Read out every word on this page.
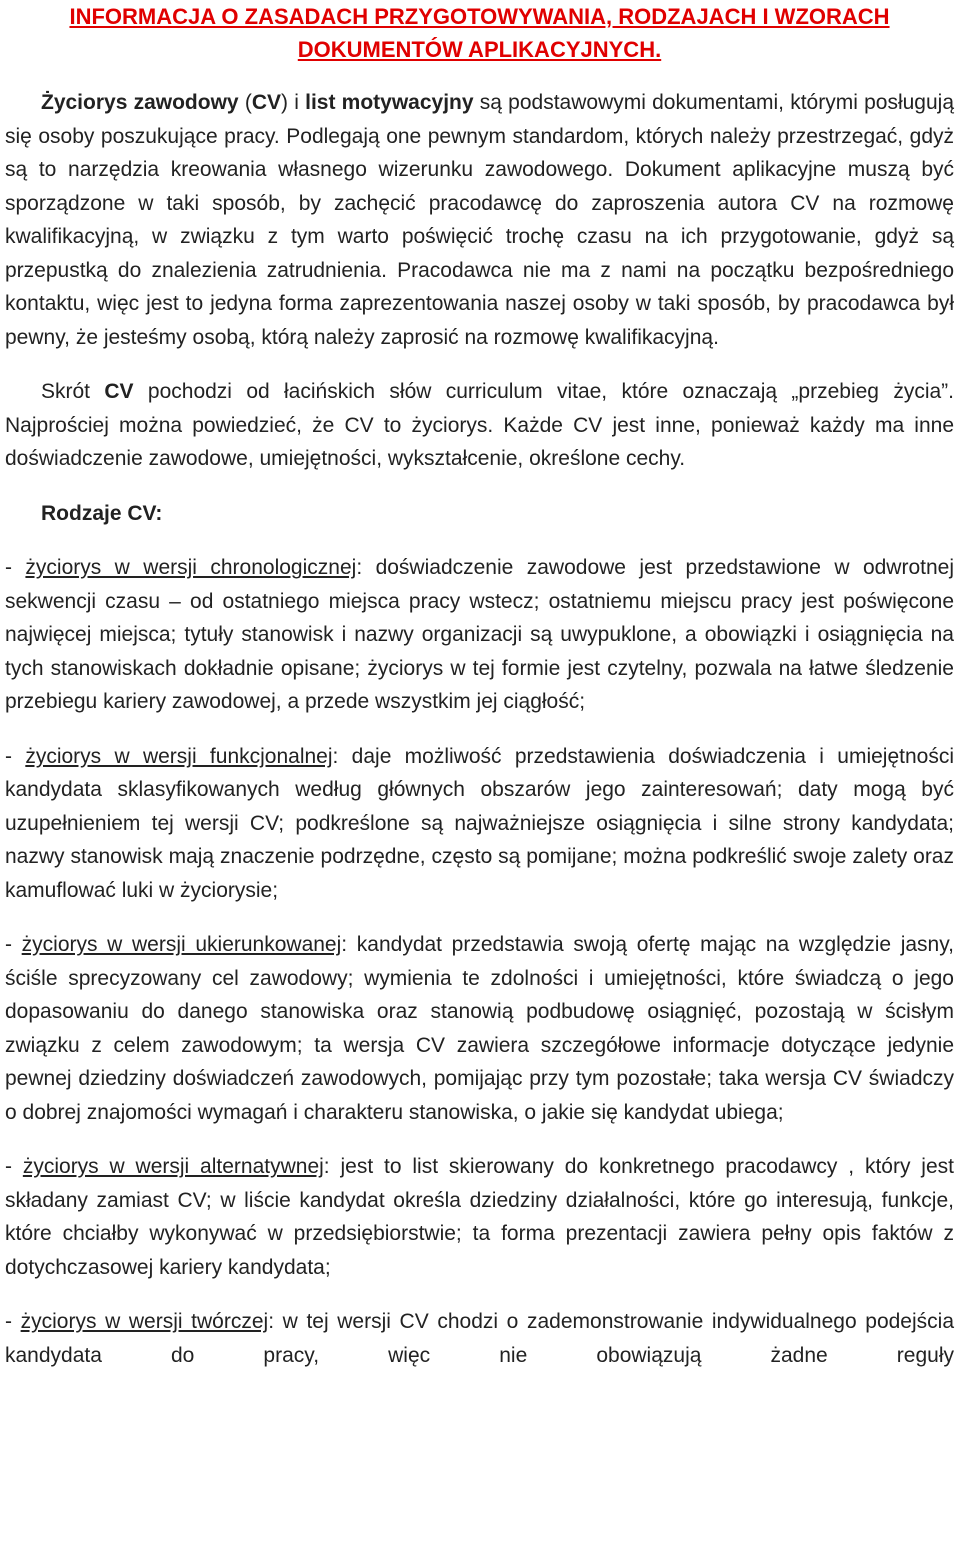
INFORMACJA O ZASADACH PRZYGOTOWYWANIA, RODZAJACH I WZORACH
DOKUMENTÓW APLIKACYJNYCH.

Życiorys zawodowy (CV) i list motywacyjny są podstawowymi dokumentami, którymi posługują się osoby poszukujące pracy. Podlegają one pewnym standardom, których należy przestrzegać, gdyż są to narzędzia kreowania własnego wizerunku zawodowego. Dokument aplikacyjne muszą być sporządzone w taki sposób, by zachęcić pracodawcę do zaproszenia autora CV na rozmowę kwalifikacyjną, w związku z tym warto poświęcić trochę czasu na ich przygotowanie, gdyż są przepustką do znalezienia zatrudnienia. Pracodawca nie ma z nami na początku bezpośredniego kontaktu, więc jest to jedyna forma zaprezentowania naszej osoby w taki sposób, by pracodawca był pewny, że jesteśmy osobą, którą należy zaprosić na rozmowę kwalifikacyjną.

Skrót CV pochodzi od łacińskich słów curriculum vitae, które oznaczają „przebieg życia”. Najprościej można powiedzieć, że CV to życiorys. Każde CV jest inne, ponieważ każdy ma inne doświadczenie zawodowe, umiejętności, wykształcenie, określone cechy.

Rodzaje CV:

- życiorys w wersji chronologicznej: doświadczenie zawodowe jest przedstawione w odwrotnej sekwencji czasu – od ostatniego miejsca pracy wstecz; ostatniemu miejscu pracy jest poświęcone najwięcej miejsca; tytuły stanowisk i nazwy organizacji są uwypuklone, a obowiązki i osiągnięcia na tych stanowiskach dokładnie opisane; życiorys w tej formie jest czytelny, pozwala na łatwe śledzenie przebiegu kariery zawodowej, a przede wszystkim jej ciągłość;

- życiorys w wersji funkcjonalnej: daje możliwość przedstawienia doświadczenia i umiejętności kandydata sklasyfikowanych według głównych obszarów jego zainteresowań; daty mogą być uzupełnieniem tej wersji CV; podkreślone są najważniejsze osiągnięcia i silne strony kandydata; nazwy stanowisk mają znaczenie podrzędne, często są pomijane; można podkreślić swoje zalety oraz kamuflować luki w życiorysie;

- życiorys w wersji ukierunkowanej: kandydat przedstawia swoją ofertę mając na względzie jasny, ściśle sprecyzowany cel zawodowy; wymienia te zdolności i umiejętności, które świadczą o jego dopasowaniu do danego stanowiska oraz stanowią podbudowę osiągnięć, pozostają w ścisłym związku z celem zawodowym; ta wersja CV zawiera szczegółowe informacje dotyczące jedynie pewnej dziedziny doświadczeń zawodowych, pomijając przy tym pozostałe; taka wersja CV świadczy o dobrej znajomości wymagań i charakteru stanowiska, o jakie się kandydat ubiega;

- życiorys w wersji alternatywnej: jest to list skierowany do konkretnego pracodawcy , który jest składany zamiast CV; w liście kandydat określa dziedziny działalności, które go interesują, funkcje, które chciałby wykonywać w przedsiębiorstwie; ta forma prezentacji zawiera pełny opis faktów z dotychczasowej kariery kandydata;

- życiorys w wersji twórczej: w tej wersji CV chodzi o zademonstrowanie indywidualnego podejścia kandydata do pracy, więc nie obowiązują żadne reguły
